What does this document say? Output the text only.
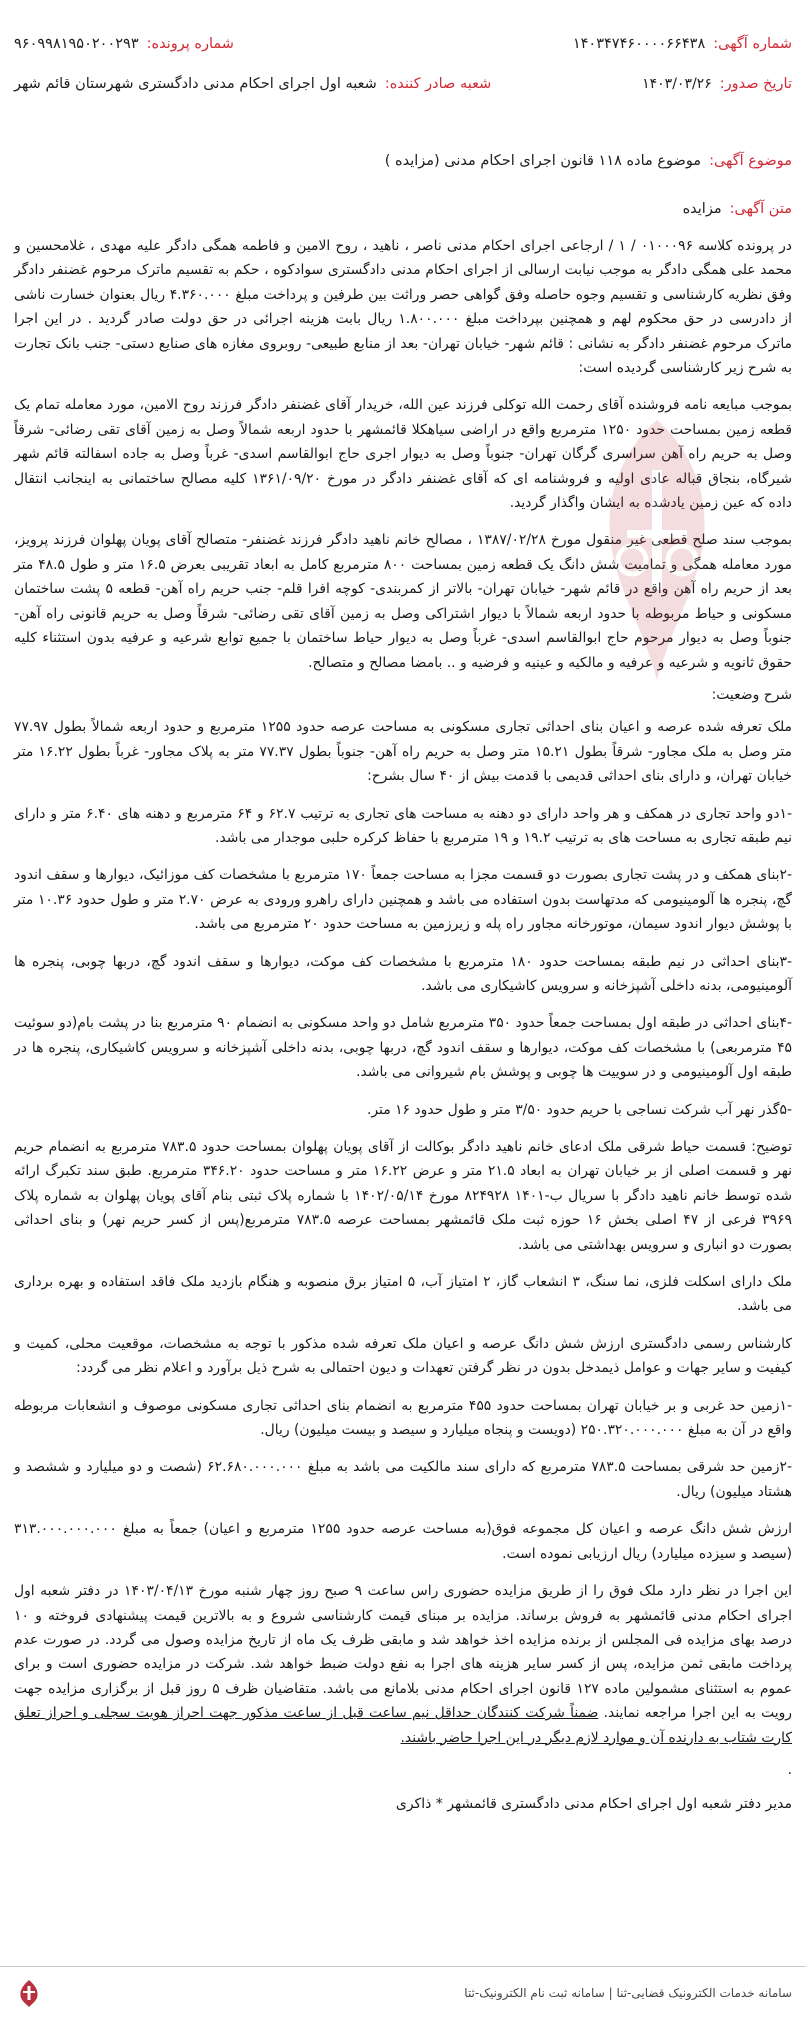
شماره آگهی:
۱۴۰۳۴۷۴۶۰۰۰۰۶۶۴۳۸
شماره پرونده:
۹۶۰۹۹۸۱۹۵۰۲۰۰۲۹۳
تاریخ صدور:
۱۴۰۳/۰۳/۲۶
شعبه صادر کننده:
شعبه اول اجرای احکام مدنی دادگستری شهرستان قائم شهر
موضوع آگهی:
موضوع ماده ۱۱۸ قانون اجرای احکام مدنی (مزایده )
متن آگهی:
مزایده

در پرونده کلاسه ۰۱۰۰۰۹۶ / ۱ / ارجاعی اجرای احکام مدنی ناصر ، ناهید ، روح الامین و فاطمه همگی دادگر علیه مهدی ، غلامحسین و محمد علی همگی دادگر به موجب نیابت ارسالی از اجرای احکام مدنی دادگستری سوادکوه ، حکم به تقسیم ماترک مرحوم غضنفر دادگر وفق نظریه کارشناسی و تقسیم وجوه حاصله وفق گواهی حصر وراثت بین طرفین و پرداخت مبلغ ۴.۳۶۰.۰۰۰ ریال بعنوان خسارت ناشی از دادرسی در حق محکوم لهم و همچنین بپرداخت مبلغ ۱.۸۰۰.۰۰۰ ریال بابت هزینه اجرائی در حق دولت صادر گردید . در این اجرا ماترک مرحوم غضنفر دادگر به نشانی : قائم شهر- خیابان تهران- بعد از منابع طبیعی- روبروی مغازه های صنایع دستی- جنب بانک تجارت به شرح زیر کارشناسی گردیده است:

بموجب مبایعه نامه فروشنده آقای رحمت الله توکلی فرزند عین الله، خریدار آقای غضنفر دادگر فرزند روح الامین، مورد معامله تمام یک قطعه زمین بمساحت حدود ۱۲۵۰ مترمربع واقع در اراضی سیاهکلا قائمشهر با حدود اربعه شمالاً وصل به زمین آقای تقی رضائی- شرقاً وصل به حریم راه آهن سراسری گرگان تهران- جنوباً وصل به دیوار اجری حاج ابوالقاسم اسدی- غرباً وصل به جاده اسفالته قائم شهر شیرگاه، بنجاق قباله عادی اولیه و فروشنامه ای که آقای غضنفر دادگر در مورخ ۱۳۶۱/۰۹/۲۰ کلیه مصالح ساختمانی به اینجانب انتقال داده که عین زمین یادشده به ایشان واگذار گردید.

بموجب سند صلح قطعی غیر منقول مورخ ۱۳۸۷/۰۲/۲۸ ، مصالح خانم ناهید دادگر فرزند غضنفر- متصالح آقای پویان پهلوان فرزند پرویز، مورد معامله همگی و تمامیت شش دانگ یک قطعه زمین بمساحت ۸۰۰ مترمربع کامل به ابعاد تقریبی بعرض ۱۶.۵ متر و طول ۴۸.۵ متر بعد از حریم راه آهن واقع در قائم شهر- خیابان تهران- بالاتر از کمربندی- کوچه افرا قلم- جنب حریم راه آهن- قطعه ۵ پشت ساختمان مسکونی و حیاط مربوطه با حدود اربعه شمالاً با دیوار اشتراکی وصل به زمین آقای تقی رضائی- شرقاً وصل به حریم قانونی راه آهن- جنوباً وصل به دیوار مرحوم حاج ابوالقاسم اسدی- غرباً وصل به دیوار حیاط ساختمان با جمیع توابع شرعیه و عرفیه بدون استثناء کلیه حقوق ثانویه و شرعیه و عرفیه و مالکیه و عینیه و فرضیه و .. بامضا مصالح و متصالح.

شرح وضعیت:

ملک تعرفه شده عرصه و اعیان بنای احداثی تجاری مسکونی به مساحت عرصه حدود ۱۲۵۵ مترمربع و حدود اربعه شمالاً بطول ۷۷.۹۷ متر وصل به ملک مجاور- شرقاً بطول ۱۵.۲۱ متر وصل به حریم راه آهن- جنوباً بطول ۷۷.۳۷ متر به پلاک مجاور- غرباً بطول ۱۶.۲۲ متر خیابان تهران، و دارای بنای احداثی قدیمی با قدمت بیش از ۴۰ سال بشرح:

-۱دو واحد تجاری در همکف و هر واحد دارای دو دهنه به مساحت های تجاری به ترتیب ۶۲.۷ و ۶۴ مترمربع و دهنه های ۶.۴۰ متر و دارای نیم طبقه تجاری به مساحت های به ترتیب ۱۹.۲ و ۱۹ مترمربع با حفاظ کرکره حلبی موجدار می باشد.

-۲بنای همکف و در پشت تجاری بصورت دو قسمت مجزا به مساحت جمعاً ۱۷۰ مترمربع با مشخصات کف موزائیک، دیوارها و سقف اندود گچ، پنجره ها آلومینیومی که مدتهاست بدون استفاده می باشد و همچنین دارای راهرو ورودی به عرض ۲.۷۰ متر و طول حدود ۱۰.۳۶ متر با پوشش دیوار اندود سیمان، موتورخانه مجاور راه پله و زیرزمین به مساحت حدود ۲۰ مترمربع می باشد.

-۳بنای احداثی در نیم طبقه بمساحت حدود ۱۸۰ مترمربع با مشخصات کف موکت، دیوارها و سقف اندود گچ، دربها چوبی، پنجره ها آلومینیومی، بدنه داخلی آشپزخانه و سرویس کاشیکاری می باشد.

-۴بنای احداثی در طبقه اول بمساحت جمعاً حدود ۳۵۰ مترمربع شامل دو واحد مسکونی به انضمام ۹۰ مترمربع بنا در پشت بام(دو سوئیت ۴۵ مترمربعی) با مشخصات کف موکت، دیوارها و سقف اندود گچ، دربها چوبی، بدنه داخلی آشپزخانه و سرویس کاشیکاری، پنجره ها در طبقه اول آلومینیومی و در سوییت ها چوبی و پوشش بام شیروانی می باشد.

-۵گذر نهر آب شرکت نساجی با حریم حدود ۳/۵۰ متر و طول حدود ۱۶ متر.

توضیح: قسمت حیاط شرقی ملک ادعای خانم ناهید دادگر بوکالت از آقای پویان پهلوان بمساحت حدود ۷۸۳.۵ مترمربع به انضمام حریم نهر و قسمت اصلی از بر خیابان تهران به ابعاد ۲۱.۵ متر و عرض ۱۶.۲۲ متر و مساحت حدود ۳۴۶.۲۰ مترمربع. طبق سند تکبرگ ارائه شده توسط خانم ناهید دادگر با سریال ب-۱۴۰۱ ۸۲۴۹۲۸ مورخ ۱۴۰۲/۰۵/۱۴ با شماره پلاک ثبتی بنام آقای پویان پهلوان به شماره پلاک ۳۹۶۹ فرعی از ۴۷ اصلی بخش ۱۶ حوزه ثبت ملک قائمشهر بمساحت عرصه ۷۸۳.۵ مترمربع(پس از کسر حریم نهر) و بنای احداثی بصورت دو انباری و سرویس بهداشتی می باشد.

ملک دارای اسکلت فلزی، نما سنگ، ۳ انشعاب گاز، ۲ امتیاز آب، ۵ امتیاز برق منصوبه و هنگام بازدید ملک فاقد استفاده و بهره برداری می باشد.

کارشناس رسمی دادگستری ارزش شش دانگ عرصه و اعیان ملک تعرفه شده مذکور با توجه به مشخصات، موقعیت محلی، کمیت و کیفیت و سایر جهات و عوامل ذیمدخل بدون در نظر گرفتن تعهدات و دیون احتمالی به شرح ذیل برآورد و اعلام نظر می گردد:

-۱زمین حد غربی و بر خیابان تهران بمساحت حدود ۴۵۵ مترمربع به انضمام بنای احداثی تجاری مسکونی موصوف و انشعابات مربوطه واقع در آن به مبلغ ۲۵۰.۳۲۰.۰۰۰.۰۰۰ (دویست و پنجاه میلیارد و سیصد و بیست میلیون) ریال.

-۲زمین حد شرقی بمساحت ۷۸۳.۵ مترمربع که دارای سند مالکیت می باشد به مبلغ ۶۲.۶۸۰.۰۰۰.۰۰۰ (شصت و دو میلیارد و ششصد و هشتاد میلیون) ریال.

ارزش شش دانگ عرصه و اعیان کل مجموعه فوق(به مساحت عرصه حدود ۱۲۵۵ مترمربع و اعیان) جمعاً به مبلغ ۳۱۳.۰۰۰.۰۰۰.۰۰۰ (سیصد و سیزده میلیارد) ریال ارزیابی نموده است.

این اجرا در نظر دارد ملک فوق را از طریق مزایده حضوری راس ساعت ۹ صبح روز چهار شنبه مورخ ۱۴۰۳/۰۴/۱۳ در دفتر شعبه اول اجرای احکام مدنی قائمشهر به فروش برساند. مزایده بر مبنای قیمت کارشناسی شروع و به بالاترین قیمت پیشنهادی فروخته و ۱۰ درصد بهای مزایده فی المجلس از برنده مزایده اخذ خواهد شد و مابقی ظرف یک ماه از تاریخ مزایده وصول می گردد. در صورت عدم پرداخت مابقی ثمن مزایده، پس از کسر سایر هزینه های اجرا به نفع دولت ضبط خواهد شد. شرکت در مزایده حضوری است و برای عموم به استثنای مشمولین ماده ۱۲۷ قانون اجرای احکام مدنی بلامانع می باشد. متقاضیان ظرف ۵ روز قبل از برگزاری مزایده جهت رویت به این اجرا مراجعه نمایند. ضمناً شرکت کنندگان حداقل نیم ساعت قبل از ساعت مذکور جهت احراز هویت سجلی و احراز تعلق کارت شتاب به دارنده آن و موارد لازم دیگر در این اجرا حاضر باشند.

.

مدیر دفتر شعبه اول اجرای احکام مدنی دادگستری قائمشهر * ذاکری
سامانه خدمات الکترونیک قضایی-ثنا | سامانه ثبت نام الکترونیک-ثتا
